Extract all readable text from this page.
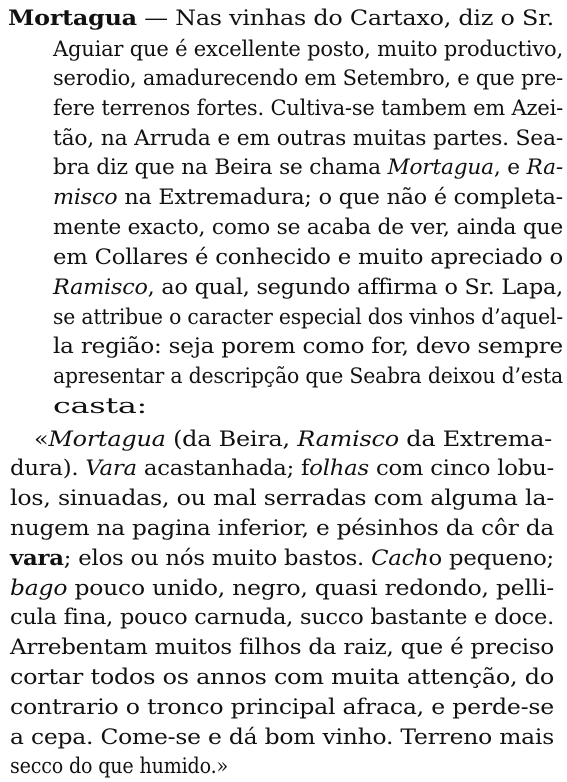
Mortagua — Nas vinhas do Cartaxo, diz o Sr.
Aguiar que é excellente posto, muito productivo,
serodio, amadurecendo em Setembro, e que pre-
fere terrenos fortes. Cultiva-se tambem em Azei-
tão, na Arruda e em outras muitas partes. Sea-
bra diz que na Beira se chama Mortagua, e Ra-
misco na Extremadura; o que não é completa-
mente exacto, como se acaba de ver, ainda que
em Collares é conhecido e muito apreciado o
Ramisco, ao qual, segundo affirma o Sr. Lapa,
se attribue o caracter especial dos vinhos d’aquel-
la região: seja porem como for, devo sempre
apresentar a descripção que Seabra deixou d’esta
casta:
«Mortagua (da Beira, Ramisco da Extrema-
dura). Vara acastanhada; folhas com cinco lobu-
los, sinuadas, ou mal serradas com alguma la-
nugem na pagina inferior, e pésinhos da côr da
vara; elos ou nós muito bastos. Cacho pequeno;
bago pouco unido, negro, quasi redondo, pelli-
cula fina, pouco carnuda, succo bastante e doce.
Arrebentam muitos filhos da raiz, que é preciso
cortar todos os annos com muita attenção, do
contrario o tronco principal afraca, e perde-se
a cepa. Come-se e dá bom vinho. Terreno mais
secco do que humido.»
